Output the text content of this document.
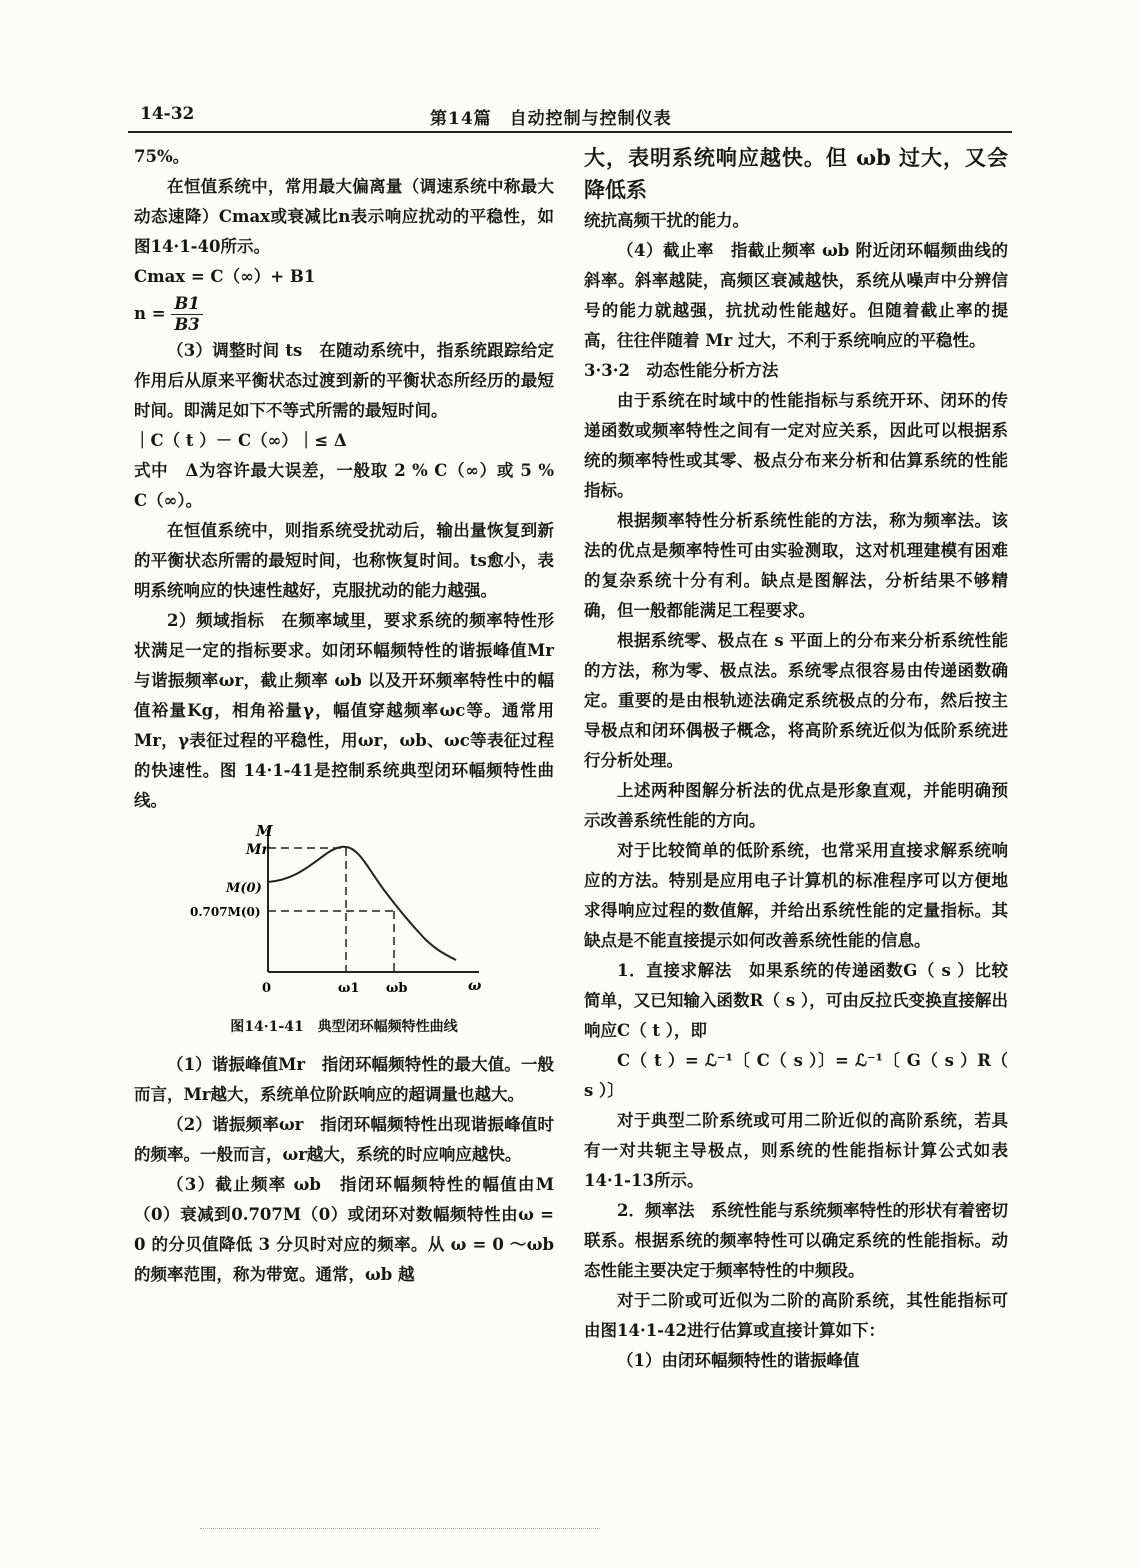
14-32	第14篇　自动控制与控制仪表

75%。

在恒值系统中，常用最大偏离量（调速系统中称最大动态速降）Cmax或衰减比n表示响应扰动的平稳性，如图14·1-40所示。

Cmax = C（∞）+ B1

$n = \frac{B1}{B3}$

（3）调整时间 ts　在随动系统中，指系统跟踪给定作用后从原来平衡状态过渡到新的平衡状态所经历的最短时间。即满足如下不等式所需的最短时间。

｜C（ t ）－ C（∞）｜≤ Δ

式中　Δ为容许最大误差，一般取 2 % C（∞）或 5 % C（∞）。

在恒值系统中，则指系统受扰动后，输出量恢复到新的平衡状态所需的最短时间，也称恢复时间。ts愈小，表明系统响应的快速性越好，克服扰动的能力越强。

2）频域指标　在频率域里，要求系统的频率特性形状满足一定的指标要求。如闭环幅频特性的谐振峰值Mr与谐振频率ωr，截止频率 ωb 以及开环频率特性中的幅值裕量Kg，相角裕量γ，幅值穿越频率ωc等。通常用Mr，γ表征过程的平稳性，用ωr，ωb、ωc等表征过程的快速性。图 14·1-41是控制系统典型闭环幅频特性曲线。

M
Mr
M(0)
0.707M(0)
0	ω1 ωb	ω
图14·1-41　典型闭环幅频特性曲线

（1）谐振峰值Mr　指闭环幅频特性的最大值。一般而言，Mr越大，系统单位阶跃响应的超调量也越大。

（2）谐振频率ωr　指闭环幅频特性出现谐振峰值时的频率。一般而言，ωr越大，系统的时应响应越快。

（3）截止频率 ωb　指闭环幅频特性的幅值由M（0）衰减到0.707M（0）或闭环对数幅频特性由ω = 0 的分贝值降低 3 分贝时对应的频率。从 ω = 0 ～ωb 的频率范围，称为带宽。通常，ωb 越

大，表明系统响应越快。但 ωb 过大，又会降低系

统抗高频干扰的能力。

（4）截止率　指截止频率 ωb 附近闭环幅频曲线的斜率。斜率越陡，高频区衰减越快，系统从噪声中分辨信号的能力就越强，抗扰动性能越好。但随着截止率的提高，往往伴随着 Mr 过大，不利于系统响应的平稳性。

3·3·2　动态性能分析方法

由于系统在时域中的性能指标与系统开环、闭环的传递函数或频率特性之间有一定对应关系，因此可以根据系统的频率特性或其零、极点分布来分析和估算系统的性能指标。

根据频率特性分析系统性能的方法，称为频率法。该法的优点是频率特性可由实验测取，这对机理建模有困难的复杂系统十分有利。缺点是图解法，分析结果不够精确，但一般都能满足工程要求。

根据系统零、极点在 s 平面上的分布来分析系统性能的方法，称为零、极点法。系统零点很容易由传递函数确定。重要的是由根轨迹法确定系统极点的分布，然后按主导极点和闭环偶极子概念，将高阶系统近似为低阶系统进行分析处理。

上述两种图解分析法的优点是形象直观，并能明确预示改善系统性能的方向。

对于比较简单的低阶系统，也常采用直接求解系统响应的方法。特别是应用电子计算机的标准程序可以方便地求得响应过程的数值解，并给出系统性能的定量指标。其缺点是不能直接提示如何改善系统性能的信息。

1．直接求解法　如果系统的传递函数G（ s ）比较简单，又已知输入函数R（ s ），可由反拉氏变换直接解出响应C（ t ），即

C（ t ）= ℒ⁻¹〔 C（ s ）〕= ℒ⁻¹〔 G（ s ）R（ s ）〕

对于典型二阶系统或可用二阶近似的高阶系统，若具有一对共轭主导极点，则系统的性能指标计算公式如表14·1-13所示。

2．频率法　系统性能与系统频率特性的形状有着密切联系。根据系统的频率特性可以确定系统的性能指标。动态性能主要决定于频率特性的中频段。

对于二阶或可近似为二阶的高阶系统，其性能指标可由图14·1-42进行估算或直接计算如下：

（1）由闭环幅频特性的谐振峰值
